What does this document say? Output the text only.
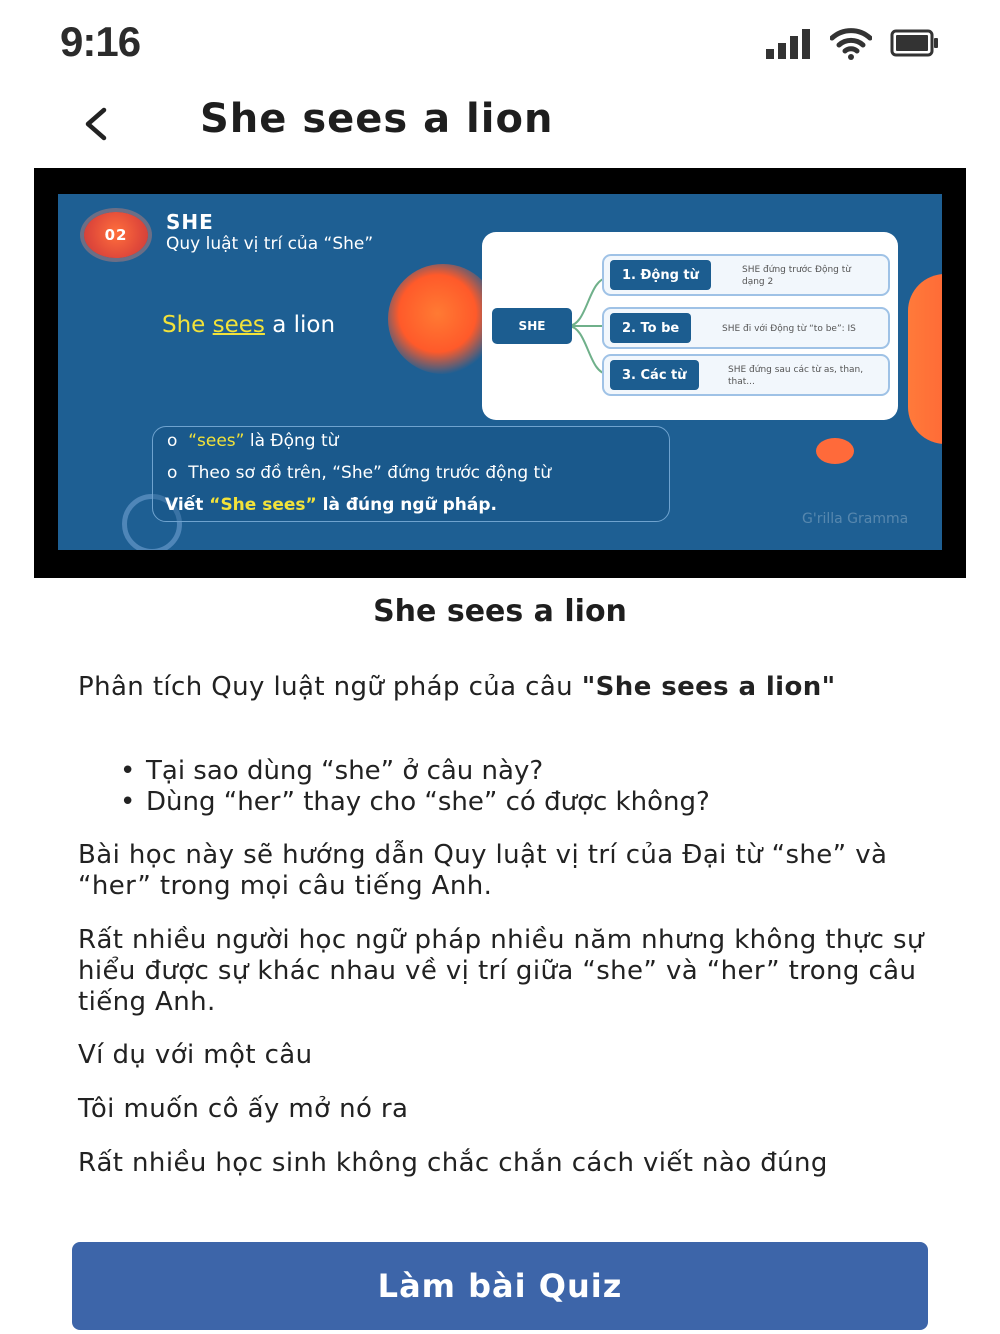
9:16
She sees a lion
02
SHE
Quy luật vị trí của “She”
She sees a lion	SHE
1. Động từ	SHE đứng trước Động từ dạng 2
2. To be	SHE đi với Động từ “to be”: IS
3. Các từ	SHE đứng sau các từ as, than, that...
o  “sees” là Động từ
o  Theo sơ đồ trên, “She” đứng trước động từ
Viết “She sees” là đúng ngữ pháp.
G'rilla Gramma
She sees a lion
Phân tích Quy luật ngữ pháp của câu "She sees a lion"
• Tại sao dùng “she” ở câu này?
• Dùng “her” thay cho “she” có được không?
Bài học này sẽ hướng dẫn Quy luật vị trí của Đại từ “she” và “her” trong mọi câu tiếng Anh.
Rất nhiều người học ngữ pháp nhiều năm nhưng không thực sự hiểu được sự khác nhau về vị trí giữa “she” và “her” trong câu tiếng Anh.
Ví dụ với một câu
Tôi muốn cô ấy mở nó ra
Rất nhiều học sinh không chắc chắn cách viết nào đúng
Làm bài Quiz
